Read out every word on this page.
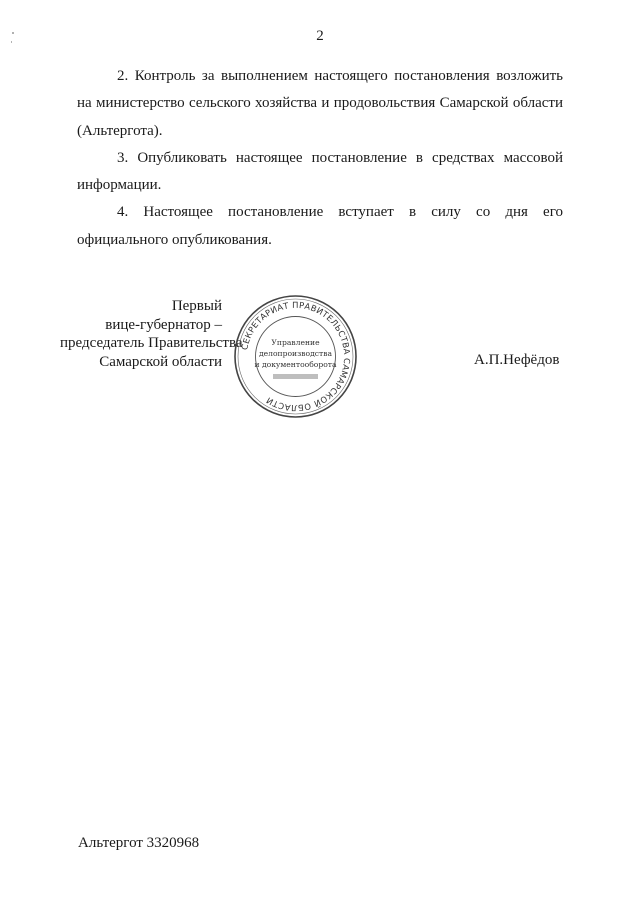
2

2. Контроль за выполнением настоящего постановления возложить на министерство сельского хозяйства и продовольствия Самарской области (Альтергота).

3. Опубликовать настоящее постановление в средствах массовой информации.

4. Настоящее постановление вступает в силу со дня его официального опубликования.

Первый
вице-губернатор –
председатель Правительства
Самарской области
СЕКРЕТАРИАТ ПРАВИТЕЛЬСТВА САМАРСКОЙ ОБЛАСТИ
Управление
делопроизводства
и документооборота	А.П.Нефёдов
Альтергот 3320968
